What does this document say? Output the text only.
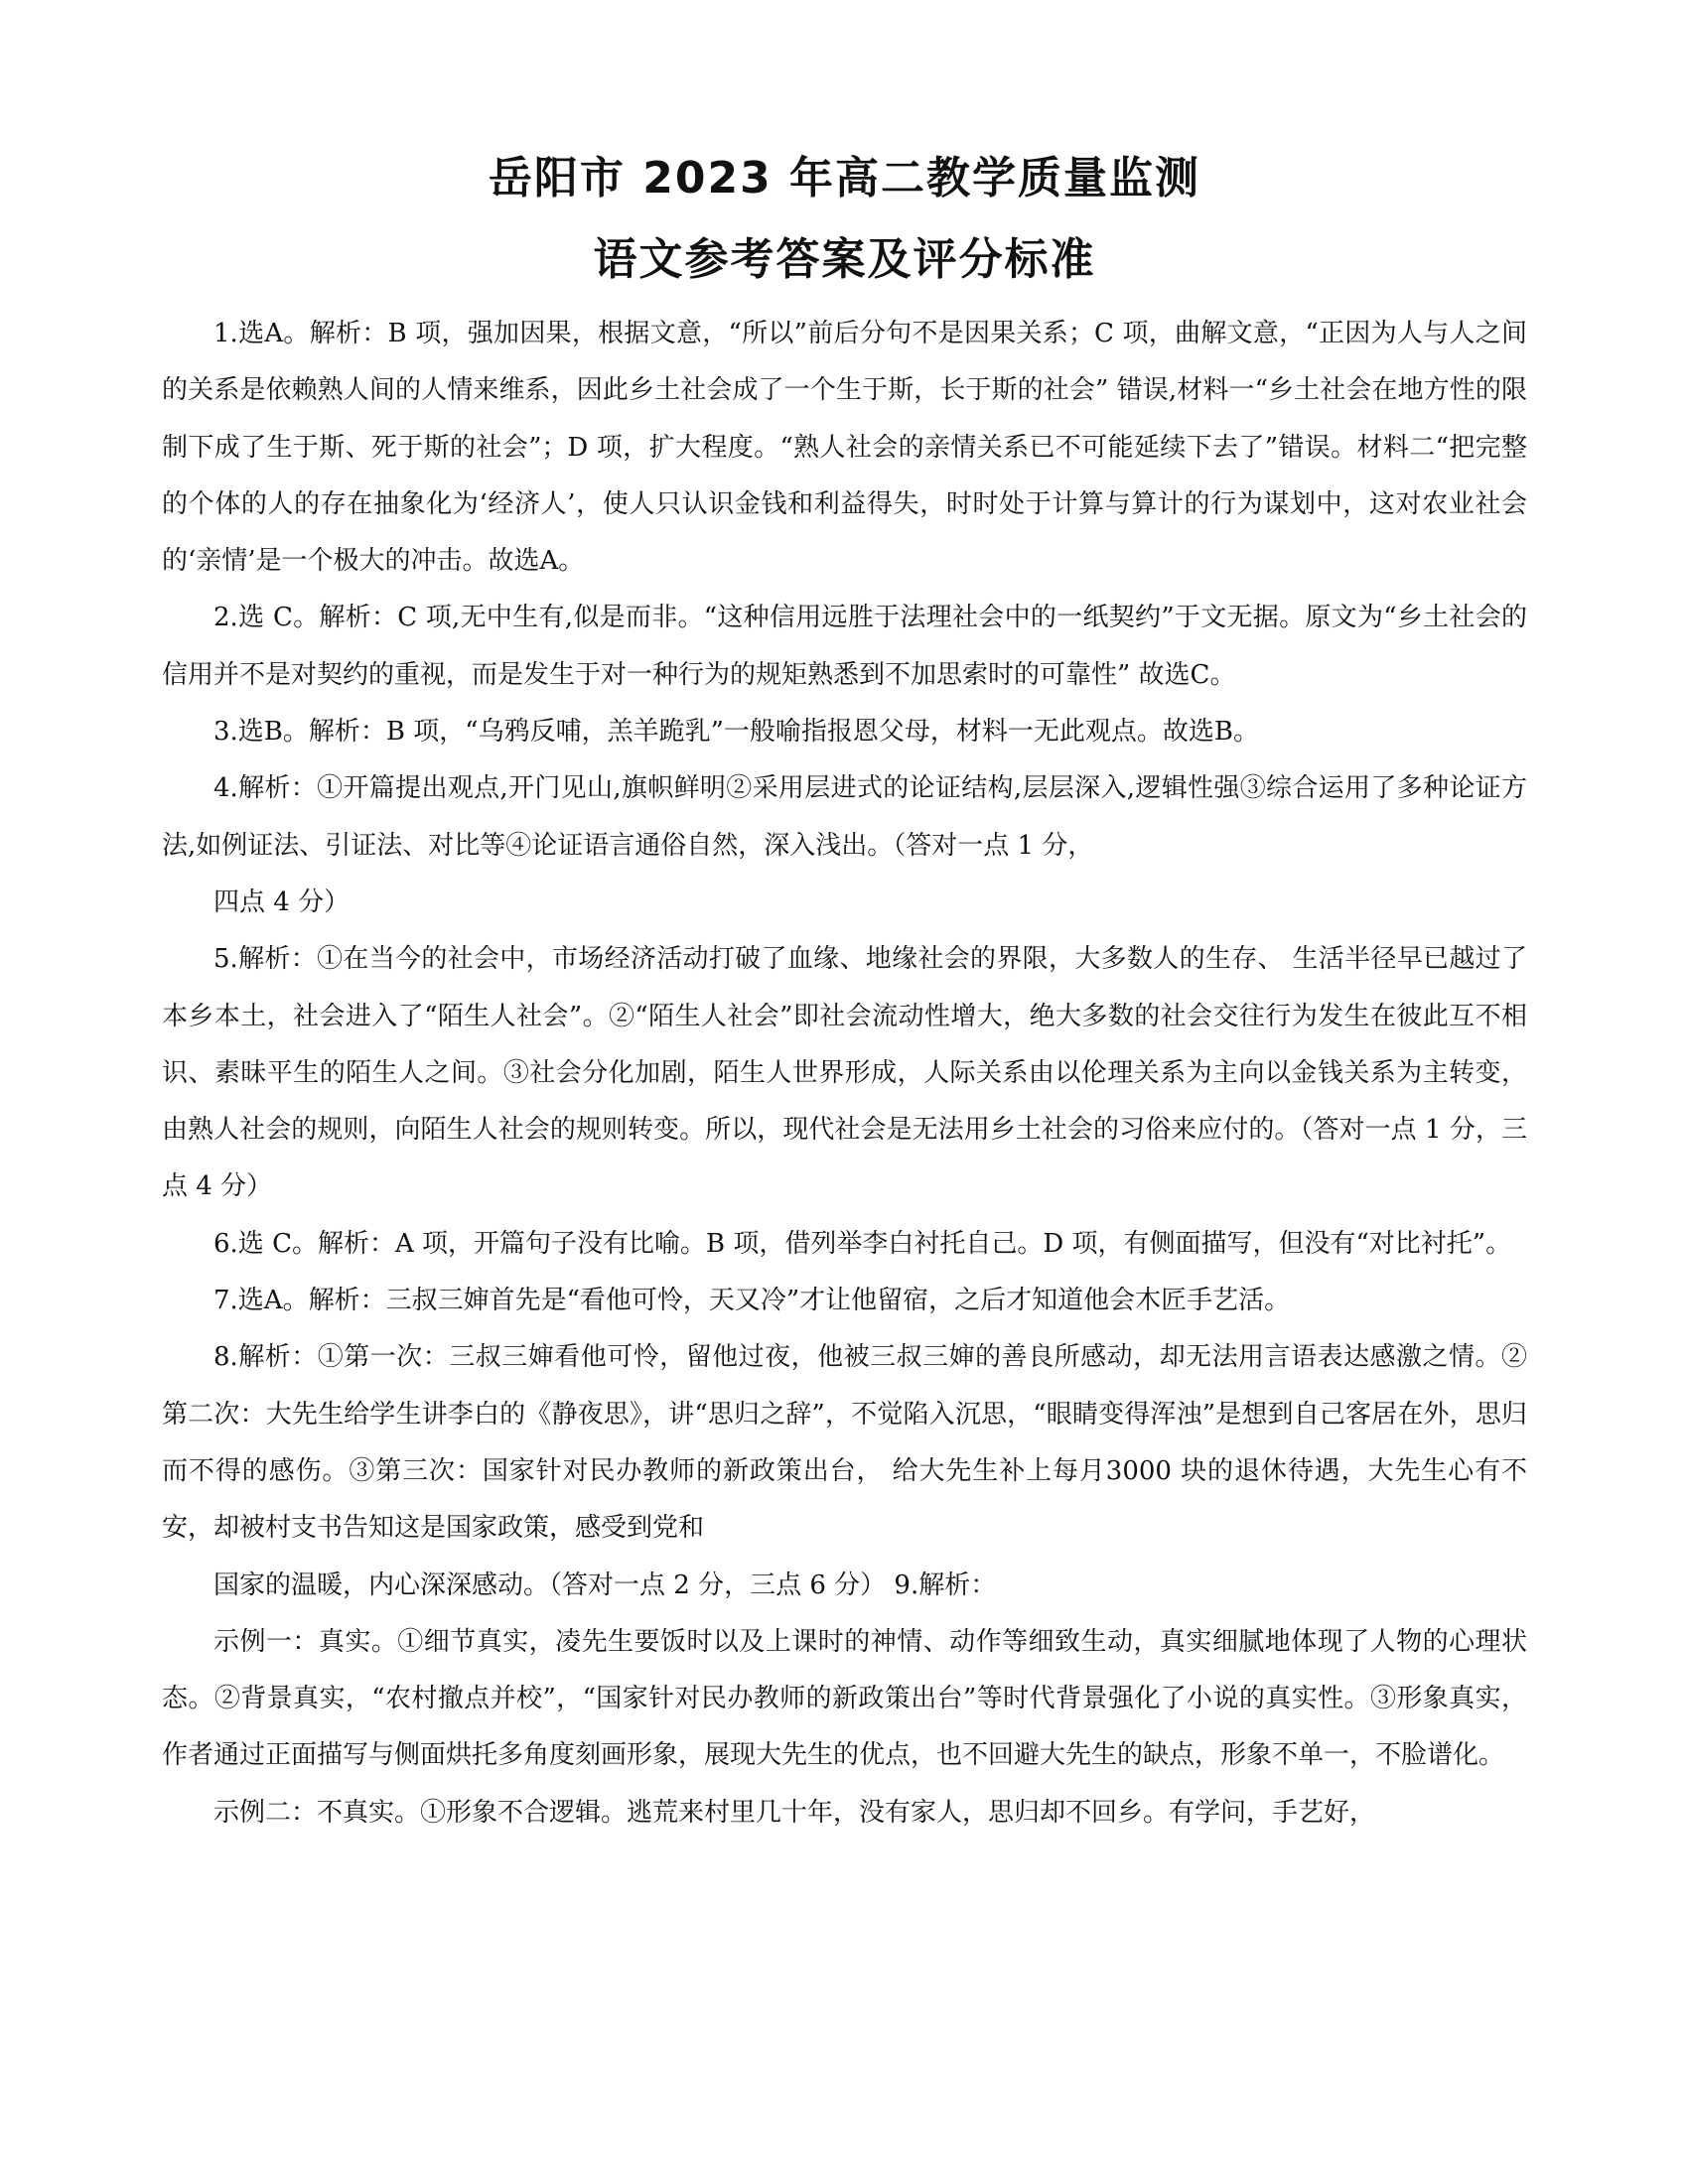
岳阳市 2023 年高二教学质量监测
语文参考答案及评分标准

1.选A。解析：B 项，强加因果，根据文意，“所以”前后分句不是因果关系；C 项，曲解文意，“正因为人与人之间的关系是依赖熟人间的人情来维系，因此乡土社会成了一个生于斯，长于斯的社会” 错误,材料一“乡土社会在地方性的限制下成了生于斯、死于斯的社会”；D 项，扩大程度。“熟人社会的亲情关系已不可能延续下去了”错误。材料二“把完整的个体的人的存在抽象化为‘经济人’，使人只认识金钱和利益得失，时时处于计算与算计的行为谋划中，这对农业社会的‘亲情’是一个极大的冲击。故选A。

2.选 C。解析：C 项,无中生有,似是而非。“这种信用远胜于法理社会中的一纸契约”于文无据。原文为“乡土社会的信用并不是对契约的重视，而是发生于对一种行为的规矩熟悉到不加思索时的可靠性” 故选C。

3.选B。解析：B 项，“乌鸦反哺，羔羊跪乳”一般喻指报恩父母，材料一无此观点。故选B。

4.解析：①开篇提出观点,开门见山,旗帜鲜明②采用层进式的论证结构,层层深入,逻辑性强③综合运用了多种论证方法,如例证法、引证法、对比等④论证语言通俗自然，深入浅出。（答对一点 1 分，

四点 4 分）

5.解析：①在当今的社会中，市场经济活动打破了血缘、地缘社会的界限，大多数人的生存、 生活半径早已越过了本乡本土，社会进入了“陌生人社会”。②“陌生人社会”即社会流动性增大，绝大多数的社会交往行为发生在彼此互不相识、素昧平生的陌生人之间。③社会分化加剧，陌生人世界形成，人际关系由以伦理关系为主向以金钱关系为主转变，由熟人社会的规则，向陌生人社会的规则转变。所以，现代社会是无法用乡土社会的习俗来应付的。（答对一点 1 分，三点 4 分）

6.选 C。解析：A 项，开篇句子没有比喻。B 项，借列举李白衬托自己。D 项，有侧面描写，但没有“对比衬托”。

7.选A。解析：三叔三婶首先是“看他可怜，天又冷”才让他留宿，之后才知道他会木匠手艺活。

8.解析：①第一次：三叔三婶看他可怜，留他过夜，他被三叔三婶的善良所感动，却无法用言语表达感激之情。②第二次：大先生给学生讲李白的《静夜思》，讲“思归之辞”，不觉陷入沉思，“眼睛变得浑浊”是想到自己客居在外，思归而不得的感伤。③第三次：国家针对民办教师的新政策出台， 给大先生补上每月3000 块的退休待遇，大先生心有不安，却被村支书告知这是国家政策，感受到党和

国家的温暖，内心深深感动。（答对一点 2 分，三点 6 分） 9.解析：

示例一：真实。①细节真实，凌先生要饭时以及上课时的神情、动作等细致生动，真实细腻地体现了人物的心理状态。②背景真实，“农村撤点并校”，“国家针对民办教师的新政策出台”等时代背景强化了小说的真实性。③形象真实，作者通过正面描写与侧面烘托多角度刻画形象，展现大先生的优点，也不回避大先生的缺点，形象不单一，不脸谱化。

示例二：不真实。①形象不合逻辑。逃荒来村里几十年，没有家人，思归却不回乡。有学问，手艺好，
